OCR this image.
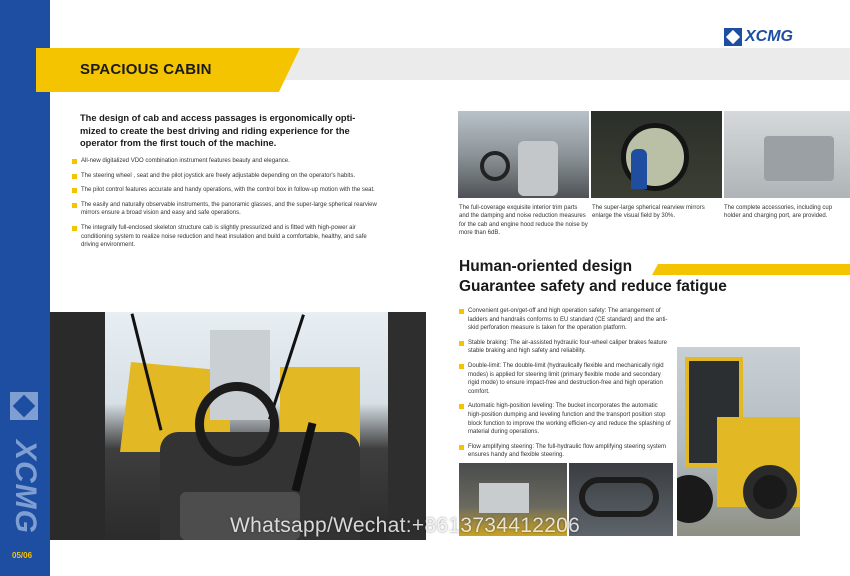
XCMG
05/06
SPACIOUS CABIN
XCMG

The design of cab and access passages is ergonomically opti-mized to create the best driving and riding experience for the operator from the first touch of the machine.

All-new digitalized VDO combination instrument features beauty and elegance.
The steering wheel , seat and the pilot joystick are freely adjustable depending on the operator's habits.
The pilot control features accurate and handy operations, with the control box in follow-up motion with the seat.
The easily and naturally observable instruments, the panoramic glasses, and the super-large spherical rearview mirrors ensure a broad vision and easy and safe operations.
The integrally full-enclosed skeleton structure cab is slightly pressurized and is fitted with high-power air conditioning system to realize noise reduction and heat insulation and build a comfortable, healthy, and safe driving environment.

The full-coverage exquisite interior trim parts and the damping and noise reduction measures for the cab and engine hood reduce the noise by more than 6dB.

The super-large spherical rearview mirrors enlarge the visual field by 30%.

The complete accessories, including cup holder and charging port, are provided.

Human-oriented design
Guarantee safety and reduce fatigue
Convenient get-on/get-off and high operation safety: The arrangement of ladders and handrails conforms to EU standard (CE standard) and the anti-skid perforation measure is taken for the operation platform.
Stable braking: The air-assisted hydraulic four-wheel caliper brakes feature stable braking and high safety and reliability.
Double-limit: The double-limit (hydraulically flexible and mechanically rigid modes) is applied for steering limit (primary flexible mode and secondary rigid mode) to ensure impact-free and destruction-free and high operation comfort.
Automatic high-position leveling: The bucket incorporates the automatic high-position dumping and leveling function and the transport position stop block function to improve the working efficien-cy and reduce the splashing of material during operations.
Flow amplifying steering: The full-hydraulic flow amplifying steering system ensures handy and flexible steering.
Whatsapp/Wechat:+8613734412206
